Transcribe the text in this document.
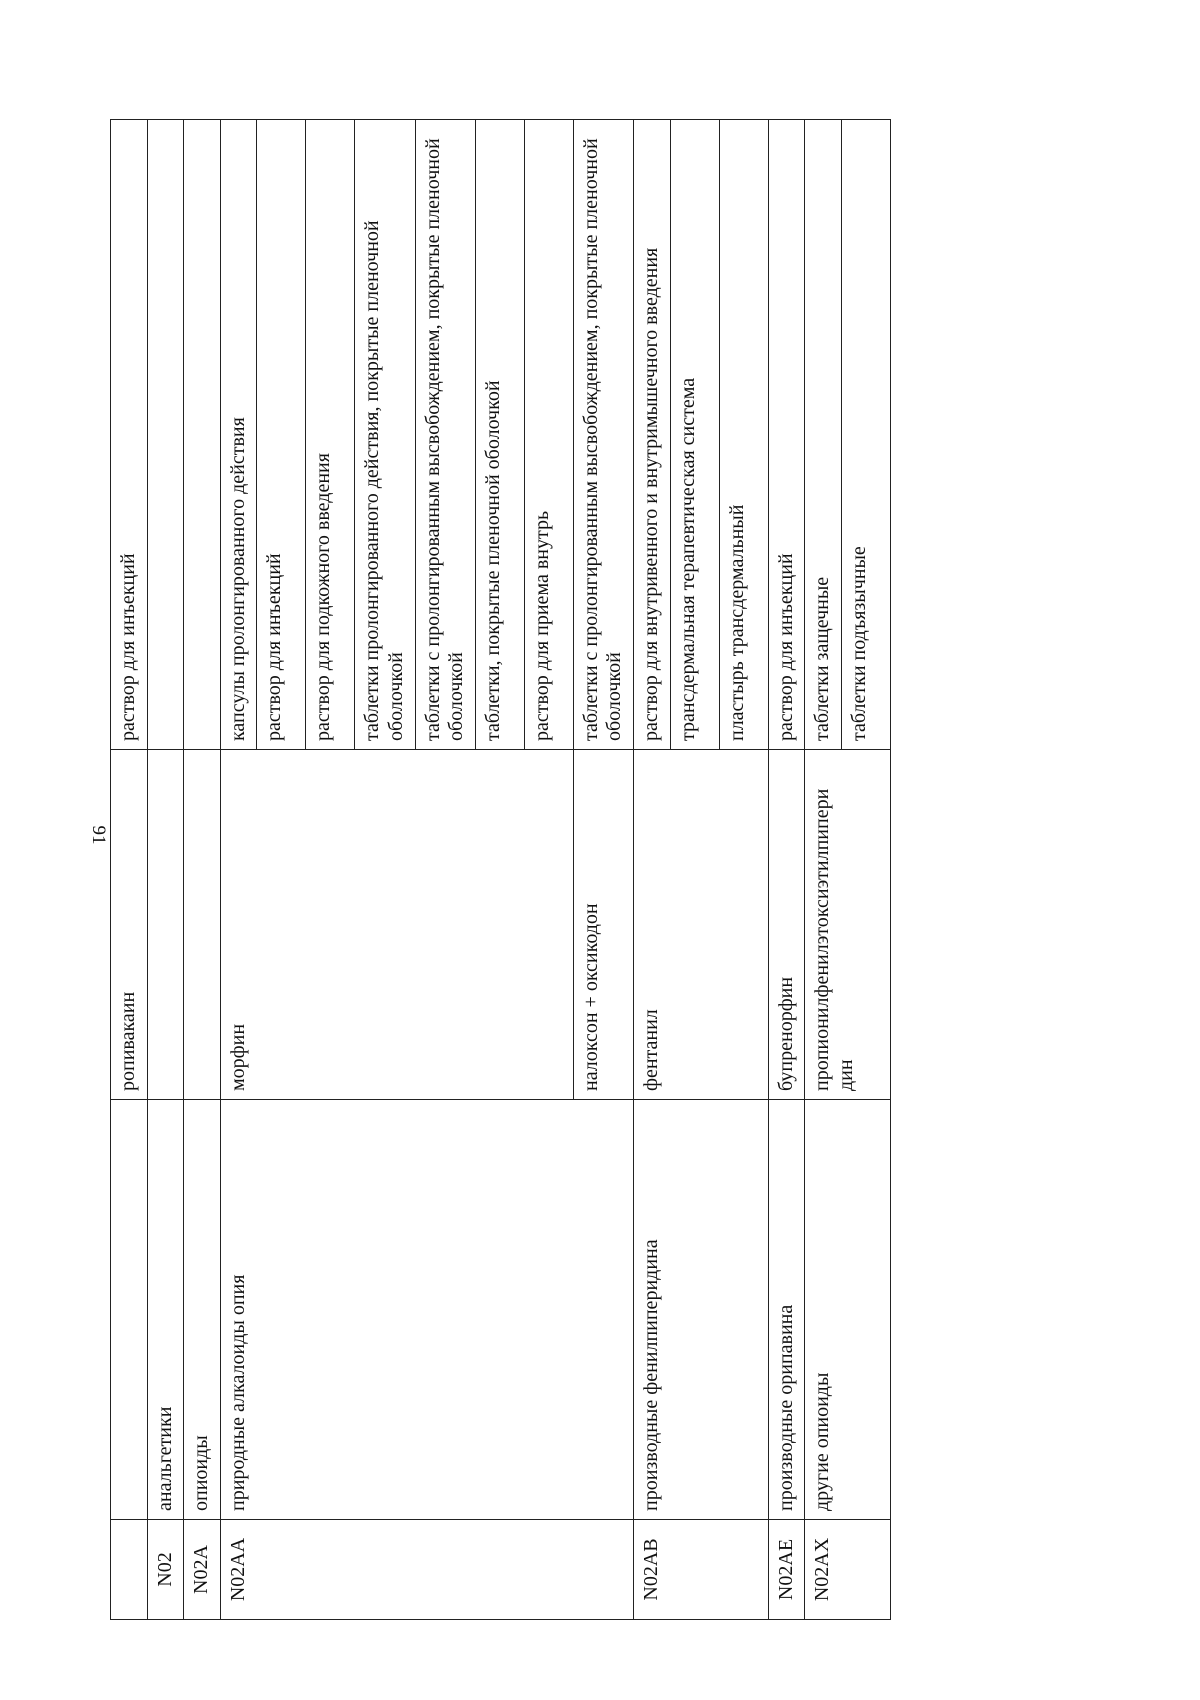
91
		ропивакаин	раствор для инъекций
N02	анальгетики		
N02A	опиоиды		
N02AA	природные алкалоиды опия	морфин	капсулы пролонгированного действия
			раствор для инъекций
			раствор для подкожного введения
			таблетки пролонгированного действия, покрытые пленочной оболочкой
			таблетки с пролонгированным высвобождением, покрытые пленочной оболочкой
			таблетки, покрытые пленочной оболочкой
			раствор для приема внутрь
		налоксон + оксикодон	таблетки с пролонгированным высвобождением, покрытые пленочной оболочкой
N02AB	производные фенилпиперидина	фентанил	раствор для внутривенного и внутримышечного введения
			трансдермальная терапевтическая система
			пластырь трансдермальный
N02AE	производные орипавина	бупренорфин	раствор для инъекций
N02AX	другие опиоиды	пропионилфенилэтоксиэтилпипери дин	таблетки защечные
			таблетки подъязычные
